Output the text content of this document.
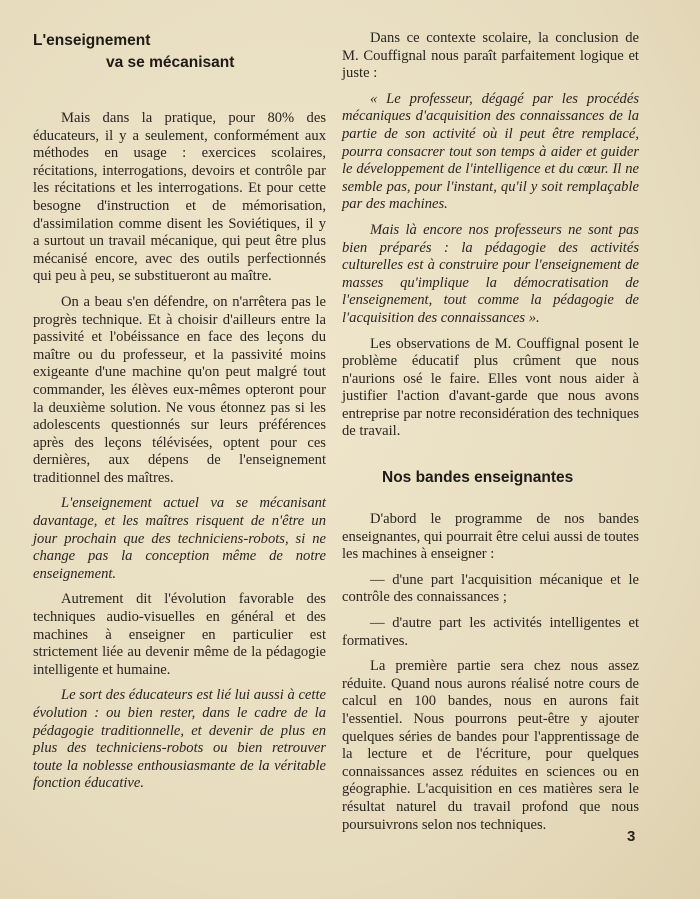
L'enseignement
va se mécanisant

Mais dans la pratique, pour 80% des éducateurs, il y a seulement, conformément aux méthodes en usage : exercices scolaires, récitations, interrogations, devoirs et contrôle par les récitations et les interrogations. Et pour cette besogne d'instruction et de mémorisation, d'assimilation comme disent les Soviétiques, il y a surtout un travail mécanique, qui peut être plus mécanisé encore, avec des outils perfectionnés qui peu à peu, se substitueront au maître.

On a beau s'en défendre, on n'arrêtera pas le progrès technique. Et à choisir d'ailleurs entre la passivité et l'obéissance en face des leçons du maître ou du professeur, et la passivité moins exigeante d'une machine qu'on peut malgré tout commander, les élèves eux-mêmes opteront pour la deuxième solution. Ne vous étonnez pas si les adolescents questionnés sur leurs préférences après des leçons télévisées, optent pour ces dernières, aux dépens de l'enseignement traditionnel des maîtres.

L'enseignement actuel va se mécanisant davantage, et les maîtres risquent de n'être un jour prochain que des techniciens-robots, si ne change pas la conception même de notre enseignement.

Autrement dit l'évolution favorable des techniques audio-visuelles en général et des machines à enseigner en particulier est strictement liée au devenir même de la pédagogie intelligente et humaine.

Le sort des éducateurs est lié lui aussi à cette évolution : ou bien rester, dans le cadre de la pédagogie traditionnelle, et devenir de plus en plus des techniciens-robots ou bien retrouver toute la noblesse enthousiasmante de la véritable fonction éducative.

Dans ce contexte scolaire, la conclusion de M. Couffignal nous paraît parfaitement logique et juste :

« Le professeur, dégagé par les procédés mécaniques d'acquisition des connaissances de la partie de son activité où il peut être remplacé, pourra consacrer tout son temps à aider et guider le développement de l'intelligence et du cœur. Il ne semble pas, pour l'instant, qu'il y soit remplaçable par des machines.

Mais là encore nos professeurs ne sont pas bien préparés : la pédagogie des activités culturelles est à construire pour l'enseignement de masses qu'implique la démocratisation de l'enseignement, tout comme la pédagogie de l'acquisition des connaissances ».

Les observations de M. Couffignal posent le problème éducatif plus crûment que nous n'aurions osé le faire. Elles vont nous aider à justifier l'action d'avant-garde que nous avons entreprise par notre reconsidération des techniques de travail.

Nos bandes enseignantes

D'abord le programme de nos bandes enseignantes, qui pourrait être celui aussi de toutes les machines à enseigner :

— d'une part l'acquisition mécanique et le contrôle des connaissances ;

— d'autre part les activités intelligentes et formatives.

La première partie sera chez nous assez réduite. Quand nous aurons réalisé notre cours de calcul en 100 bandes, nous en aurons fait l'essentiel. Nous pourrons peut-être y ajouter quelques séries de bandes pour l'apprentissage de la lecture et de l'écriture, pour quelques connaissances assez réduites en sciences ou en géographie. L'acquisition en ces matières sera le résultat naturel du travail profond que nous poursuivrons selon nos techniques.

3
